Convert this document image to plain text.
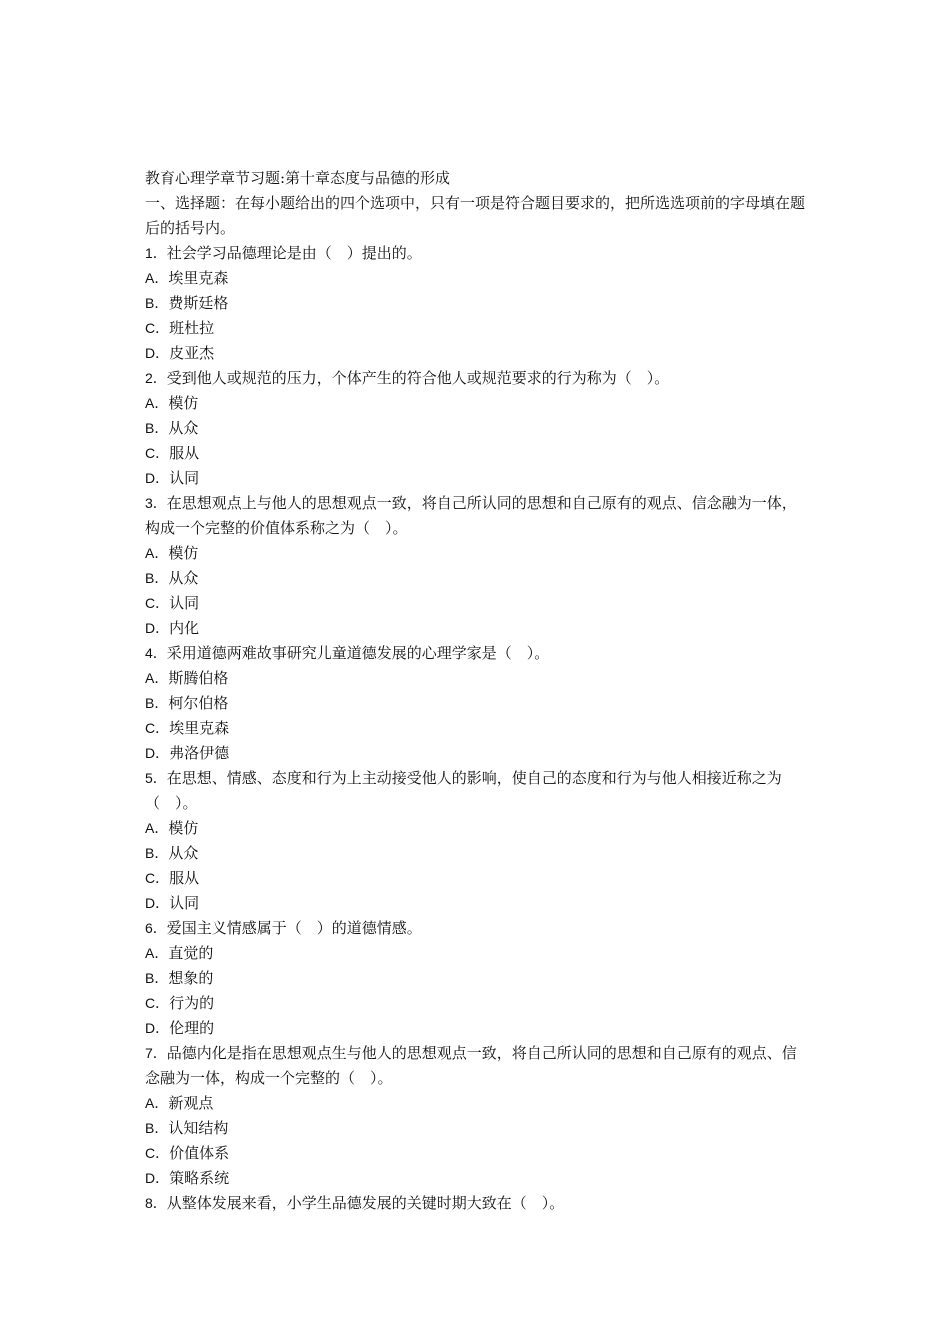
教育心理学章节习题:第十章态度与品德的形成
一、选择题：在每小题给出的四个选项中，只有一项是符合题目要求的，把所选选项前的字母填在题后的括号内。
1．社会学习品德理论是由（　）提出的。
A．埃里克森
B．费斯廷格
C．班杜拉
D．皮亚杰
2．受到他人或规范的压力，个体产生的符合他人或规范要求的行为称为（　）。
A．模仿
B．从众
C．服从
D．认同
3．在思想观点上与他人的思想观点一致，将自己所认同的思想和自己原有的观点、信念融为一体，构成一个完整的价值体系称之为（　）。
A．模仿
B．从众
C．认同
D．内化
4．采用道德两难故事研究儿童道德发展的心理学家是（　）。
A．斯腾伯格
B．柯尔伯格
C．埃里克森
D．弗洛伊德
5．在思想、情感、态度和行为上主动接受他人的影响，使自己的态度和行为与他人相接近称之为（　）。
A．模仿
B．从众
C．服从
D．认同
6．爱国主义情感属于（　）的道德情感。
A．直觉的
B．想象的
C．行为的
D．伦理的
7．品德内化是指在思想观点生与他人的思想观点一致，将自己所认同的思想和自己原有的观点、信念融为一体，构成一个完整的（　）。
A．新观点
B．认知结构
C．价值体系
D．策略系统
8．从整体发展来看，小学生品德发展的关键时期大致在（　）。
